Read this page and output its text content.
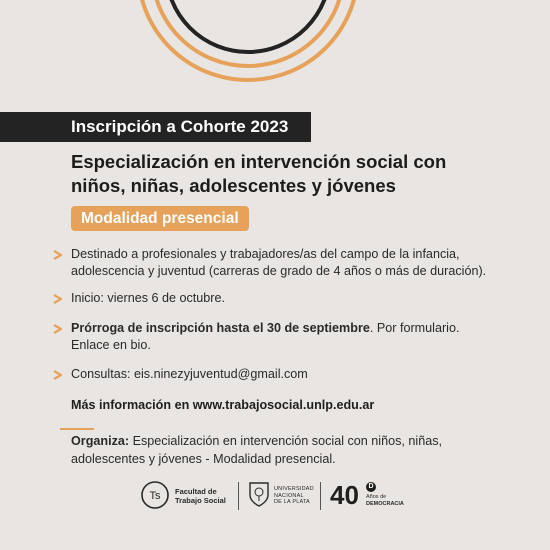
Inscripción a Cohorte 2023
Especialización en intervención social con
niños, niñas, adolescentes y jóvenes
Modalidad presencial
Destinado a profesionales y trabajadores/as del campo de la infancia,
adolescencia y juventud (carreras de grado de 4 años o más de duración).
Inicio: viernes 6 de octubre.
Prórroga de inscripción hasta el 30 de septiembre. Por formulario.
Enlace en bio.
Consultas: eis.ninezyjuventud@gmail.com
Más información en www.trabajosocial.unlp.edu.ar
Organiza: Especialización en intervención social con niños, niñas,
adolescentes y jóvenes - Modalidad presencial.
Ts Facultad de
Trabajo Social
UNIVERSIDAD
NACIONAL
DE LA PLATA 40	D
Años de
DEMOCRACIA
